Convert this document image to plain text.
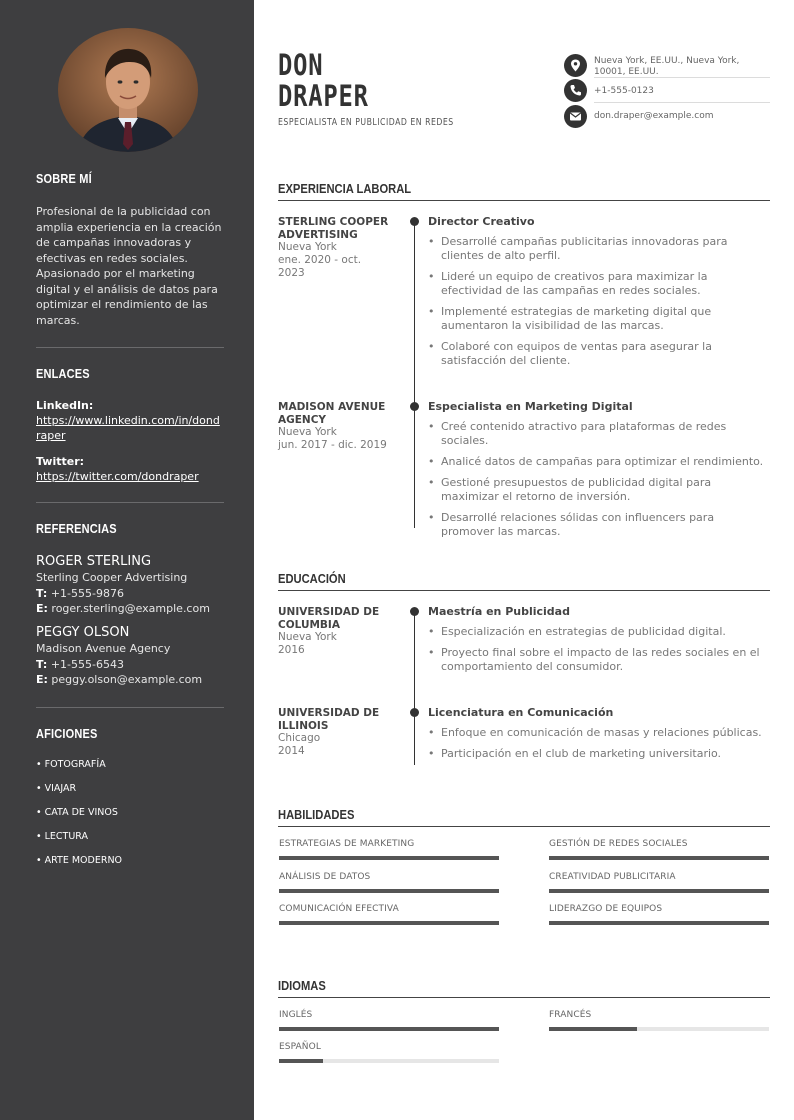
SOBRE MÍ
Profesional de la publicidad con amplia experiencia en la creación de campañas innovadoras y efectivas en redes sociales. Apasionado por el marketing digital y el análisis de datos para optimizar el rendimiento de las marcas.
ENLACES
LinkedIn:
https://www.linkedin.com/in/dondraper
Twitter:
https://twitter.com/dondraper
REFERENCIAS
ROGER STERLING
Sterling Cooper Advertising
T: +1-555-9876
E: roger.sterling@example.com
PEGGY OLSON
Madison Avenue Agency
T: +1-555-6543
E: peggy.olson@example.com
AFICIONES
• FOTOGRAFÍA
• VIAJAR
• CATA DE VINOS
• LECTURA
• ARTE MODERNO
DON
DRAPER
ESPECIALISTA EN PUBLICIDAD EN REDES
Nueva York, EE.UU., Nueva York, 10001, EE.UU.
+1-555-0123
don.draper@example.com
EXPERIENCIA LABORAL
STERLING COOPER ADVERTISING
Nueva York
ene. 2020 - oct. 2023
Director Creativo
• Desarrollé campañas publicitarias innovadoras para clientes de alto perfil.
• Lideré un equipo de creativos para maximizar la efectividad de las campañas en redes sociales.
• Implementé estrategias de marketing digital que aumentaron la visibilidad de las marcas.
• Colaboré con equipos de ventas para asegurar la satisfacción del cliente.
MADISON AVENUE AGENCY
Nueva York
jun. 2017 - dic. 2019
Especialista en Marketing Digital
• Creé contenido atractivo para plataformas de redes sociales.
• Analicé datos de campañas para optimizar el rendimiento.
• Gestioné presupuestos de publicidad digital para maximizar el retorno de inversión.
• Desarrollé relaciones sólidas con influencers para promover las marcas.
EDUCACIÓN
UNIVERSIDAD DE COLUMBIA
Nueva York
2016
Maestría en Publicidad
• Especialización en estrategias de publicidad digital.
• Proyecto final sobre el impacto de las redes sociales en el comportamiento del consumidor.
UNIVERSIDAD DE ILLINOIS
Chicago
2014
Licenciatura en Comunicación
• Enfoque en comunicación de masas y relaciones públicas.
• Participación en el club de marketing universitario.
HABILIDADES
ESTRATEGIAS DE MARKETING	GESTIÓN DE REDES SOCIALES
ANÁLISIS DE DATOS	CREATIVIDAD PUBLICITARIA
COMUNICACIÓN EFECTIVA	LIDERAZGO DE EQUIPOS
IDIOMAS
INGLÉS	FRANCÉS
ESPAÑOL
